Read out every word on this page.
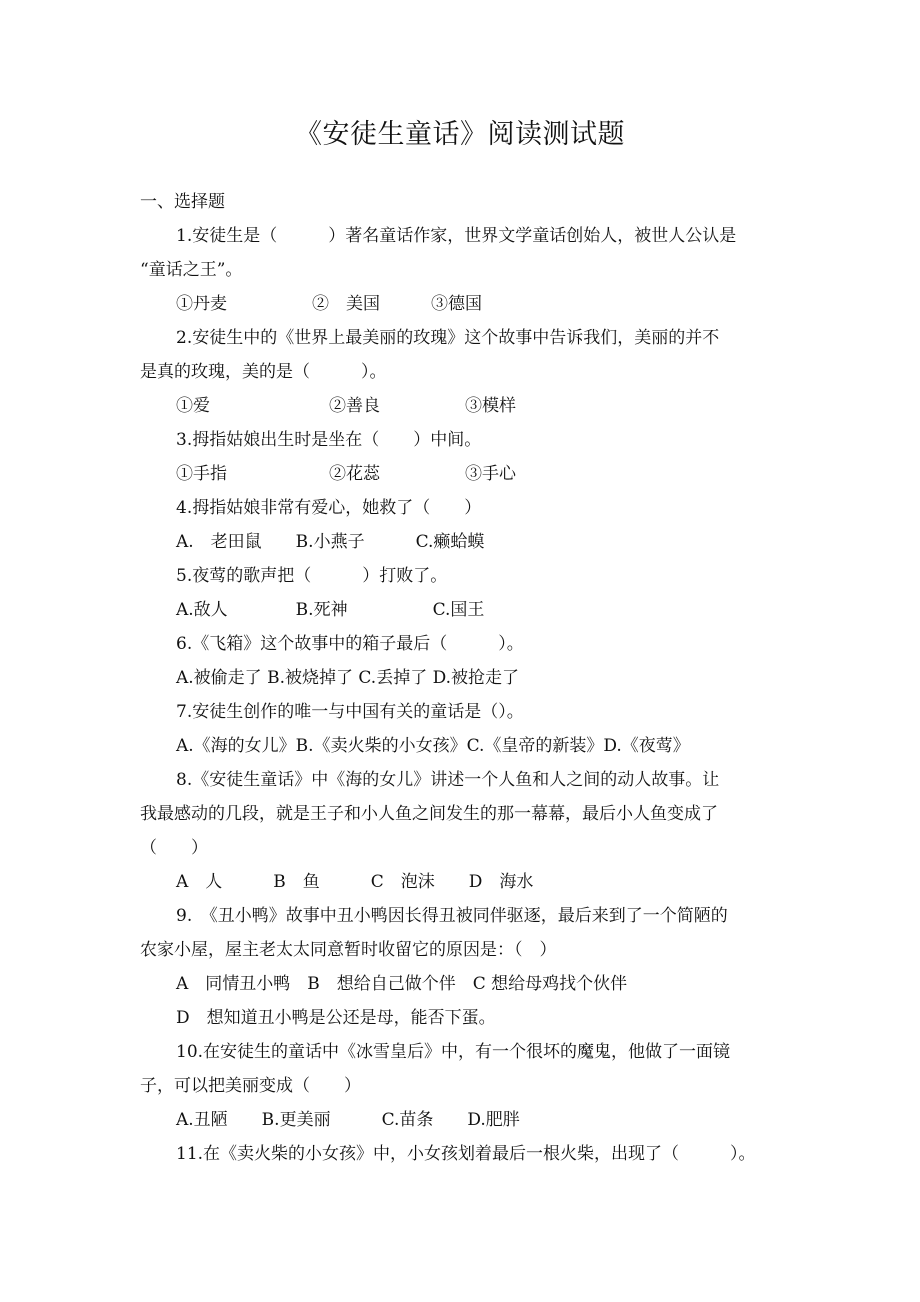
《安徒生童话》阅读测试题
一、选择题
1.安徒生是（　　　）著名童话作家，世界文学童话创始人，被世人公认是
“童话之王”。
①丹麦　　　　　②　美国　　　③德国
2.安徒生中的《世界上最美丽的玫瑰》这个故事中告诉我们，美丽的并不
是真的玫瑰，美的是（　　　）。
①爱　　　　　　　②善良　　　　　③模样
3.拇指姑娘出生时是坐在（　　）中间。
①手指　　　　　　②花蕊　　　　　③手心
4.拇指姑娘非常有爱心，她救了（　　）
A.　老田鼠　　B.小燕子　　　C.癞蛤蟆
5.夜莺的歌声把（　　　）打败了。
A.敌人　　　　B.死神　　　　　C.国王
6.《飞箱》这个故事中的箱子最后（　　　）。
A.被偷走了 B.被烧掉了 C.丢掉了 D.被抢走了
7.安徒生创作的唯一与中国有关的童话是（）。
A.《海的女儿》B.《卖火柴的小女孩》C.《皇帝的新装》D.《夜莺》
8.《安徒生童话》中《海的女儿》讲述一个人鱼和人之间的动人故事。让
我最感动的几段，就是王子和小人鱼之间发生的那一幕幕，最后小人鱼变成了
（　　）
A　人　　　B　鱼　　　C　泡沫　　D　海水
9.　《丑小鸭》故事中丑小鸭因长得丑被同伴驱逐，最后来到了一个简陋的
农家小屋，屋主老太太同意暂时收留它的原因是：（　）
A　同情丑小鸭　B　想给自己做个伴　C 想给母鸡找个伙伴
D　想知道丑小鸭是公还是母，能否下蛋。
10.在安徒生的童话中《冰雪皇后》中，有一个很坏的魔鬼，他做了一面镜
子，可以把美丽变成（　　）
A.丑陋　　B.更美丽　　　C.苗条　　D.肥胖
11.在《卖火柴的小女孩》中，小女孩划着最后一根火柴，出现了（　　　）。
